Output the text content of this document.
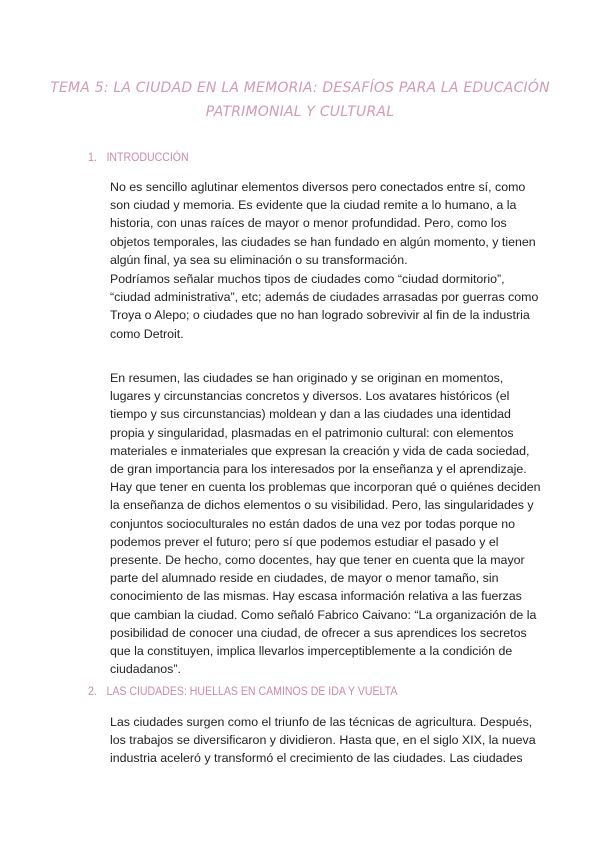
TEMA 5: LA CIUDAD EN LA MEMORIA: DESAFÍOS PARA LA EDUCACIÓN
PATRIMONIAL Y CULTURAL
1. INTRODUCCIÓN

No es sencillo aglutinar elementos diversos pero conectados entre sí, como

son ciudad y memoria. Es evidente que la ciudad remite a lo humano, a la

historia, con unas raíces de mayor o menor profundidad. Pero, como los

objetos temporales, las ciudades se han fundado en algún momento, y tienen

algún final, ya sea su eliminación o su transformación.

Podríamos señalar muchos tipos de ciudades como “ciudad dormitorio”,

“ciudad administrativa”, etc; además de ciudades arrasadas por guerras como

Troya o Alepo; o ciudades que no han logrado sobrevivir al fin de la industria

como Detroit.

En resumen, las ciudades se han originado y se originan en momentos,

lugares y circunstancias concretos y diversos. Los avatares históricos (el

tiempo y sus circunstancias) moldean y dan a las ciudades una identidad

propia y singularidad, plasmadas en el patrimonio cultural: con elementos

materiales e inmateriales que expresan la creación y vida de cada sociedad,

de gran importancia para los interesados por la enseñanza y el aprendizaje.

Hay que tener en cuenta los problemas que incorporan qué o quiénes deciden

la enseñanza de dichos elementos o su visibilidad. Pero, las singularidades y

conjuntos socioculturales no están dados de una vez por todas porque no

podemos prever el futuro; pero sí que podemos estudiar el pasado y el

presente. De hecho, como docentes, hay que tener en cuenta que la mayor

parte del alumnado reside en ciudades, de mayor o menor tamaño, sin

conocimiento de las mismas. Hay escasa información relativa a las fuerzas

que cambian la ciudad. Como señaló Fabrico Caivano: “La organización de la

posibilidad de conocer una ciudad, de ofrecer a sus aprendices los secretos

que la constituyen, implica llevarlos imperceptiblemente a la condición de

ciudadanos”.

2. LAS CIUDADES: HUELLAS EN CAMINOS DE IDA Y VUELTA

Las ciudades surgen como el triunfo de las técnicas de agricultura. Después,

los trabajos se diversificaron y dividieron. Hasta que, en el siglo XIX, la nueva

industria aceleró y transformó el crecimiento de las ciudades. Las ciudades
